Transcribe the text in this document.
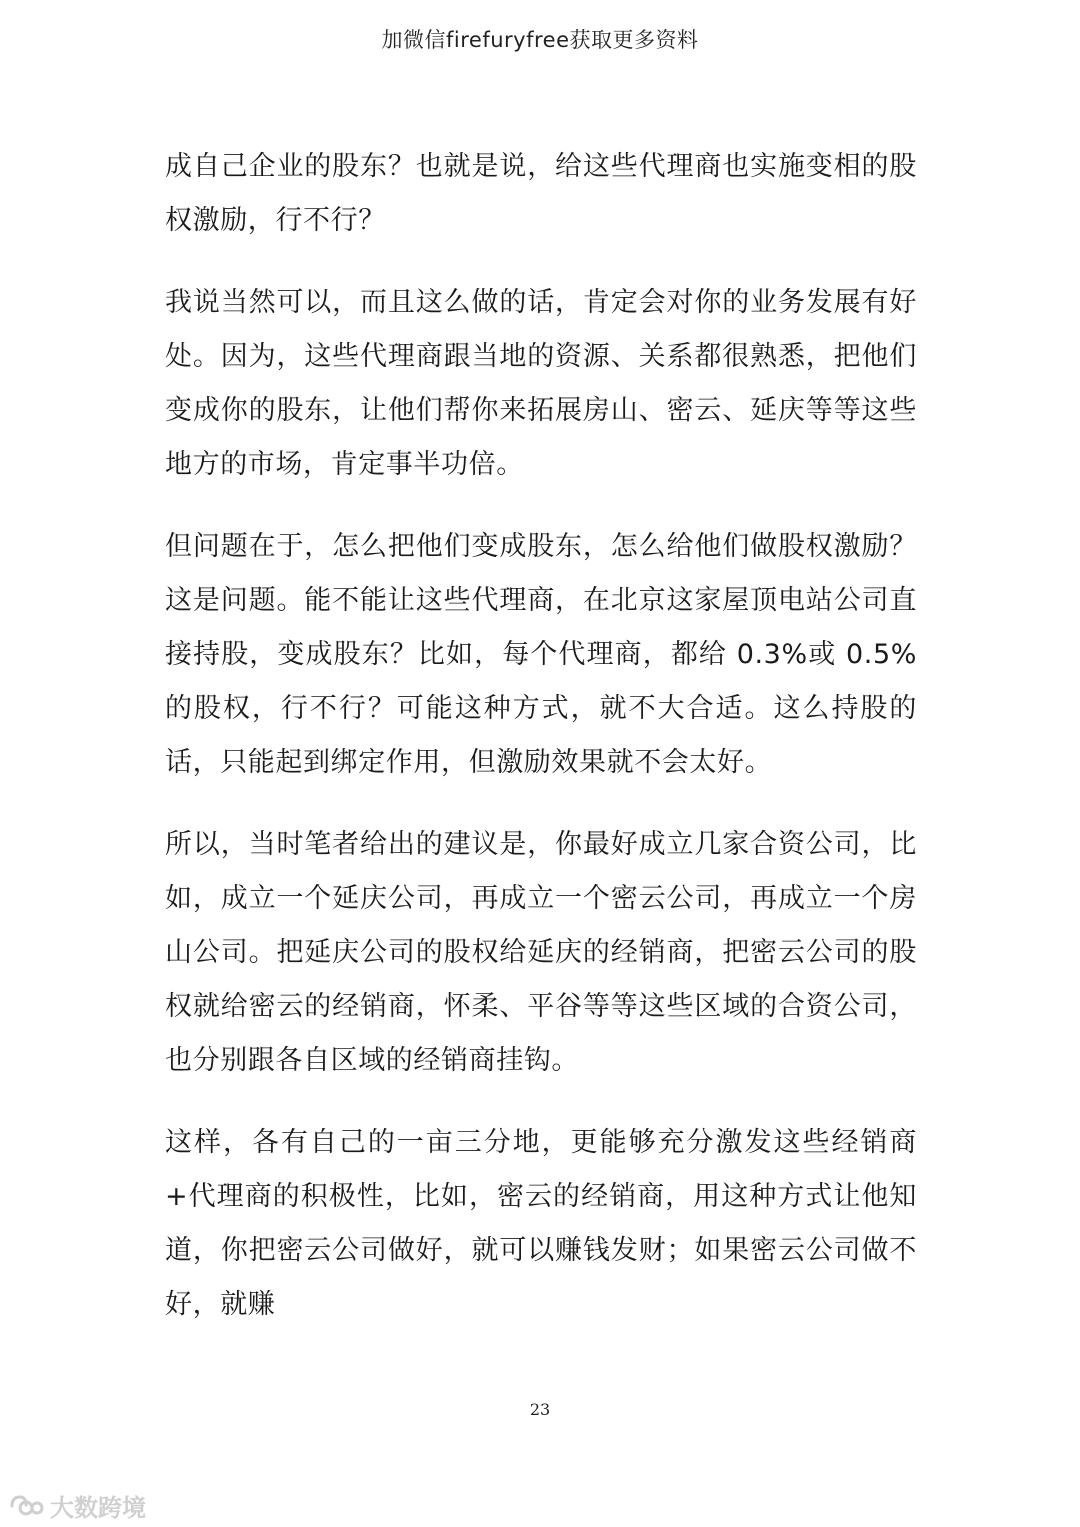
加微信firefuryfree获取更多资料

成自己企业的股东？也就是说，给这些代理商也实施变相的股权激励，行不行？

我说当然可以，而且这么做的话，肯定会对你的业务发展有好处。因为，这些代理商跟当地的资源、关系都很熟悉，把他们变成你的股东，让他们帮你来拓展房山、密云、延庆等等这些地方的市场，肯定事半功倍。

但问题在于，怎么把他们变成股东，怎么给他们做股权激励？这是问题。能不能让这些代理商，在北京这家屋顶电站公司直接持股，变成股东？比如，每个代理商，都给 0.3%或 0.5%的股权，行不行？可能这种方式，就不大合适。这么持股的话，只能起到绑定作用，但激励效果就不会太好。

所以，当时笔者给出的建议是，你最好成立几家合资公司，比如，成立一个延庆公司，再成立一个密云公司，再成立一个房山公司。把延庆公司的股权给延庆的经销商，把密云公司的股权就给密云的经销商，怀柔、平谷等等这些区域的合资公司，也分别跟各自区域的经销商挂钩。

这样，各有自己的一亩三分地，更能够充分激发这些经销商+代理商的积极性，比如，密云的经销商，用这种方式让他知道，你把密云公司做好，就可以赚钱发财；如果密云公司做不好，就赚

23
大数跨境
